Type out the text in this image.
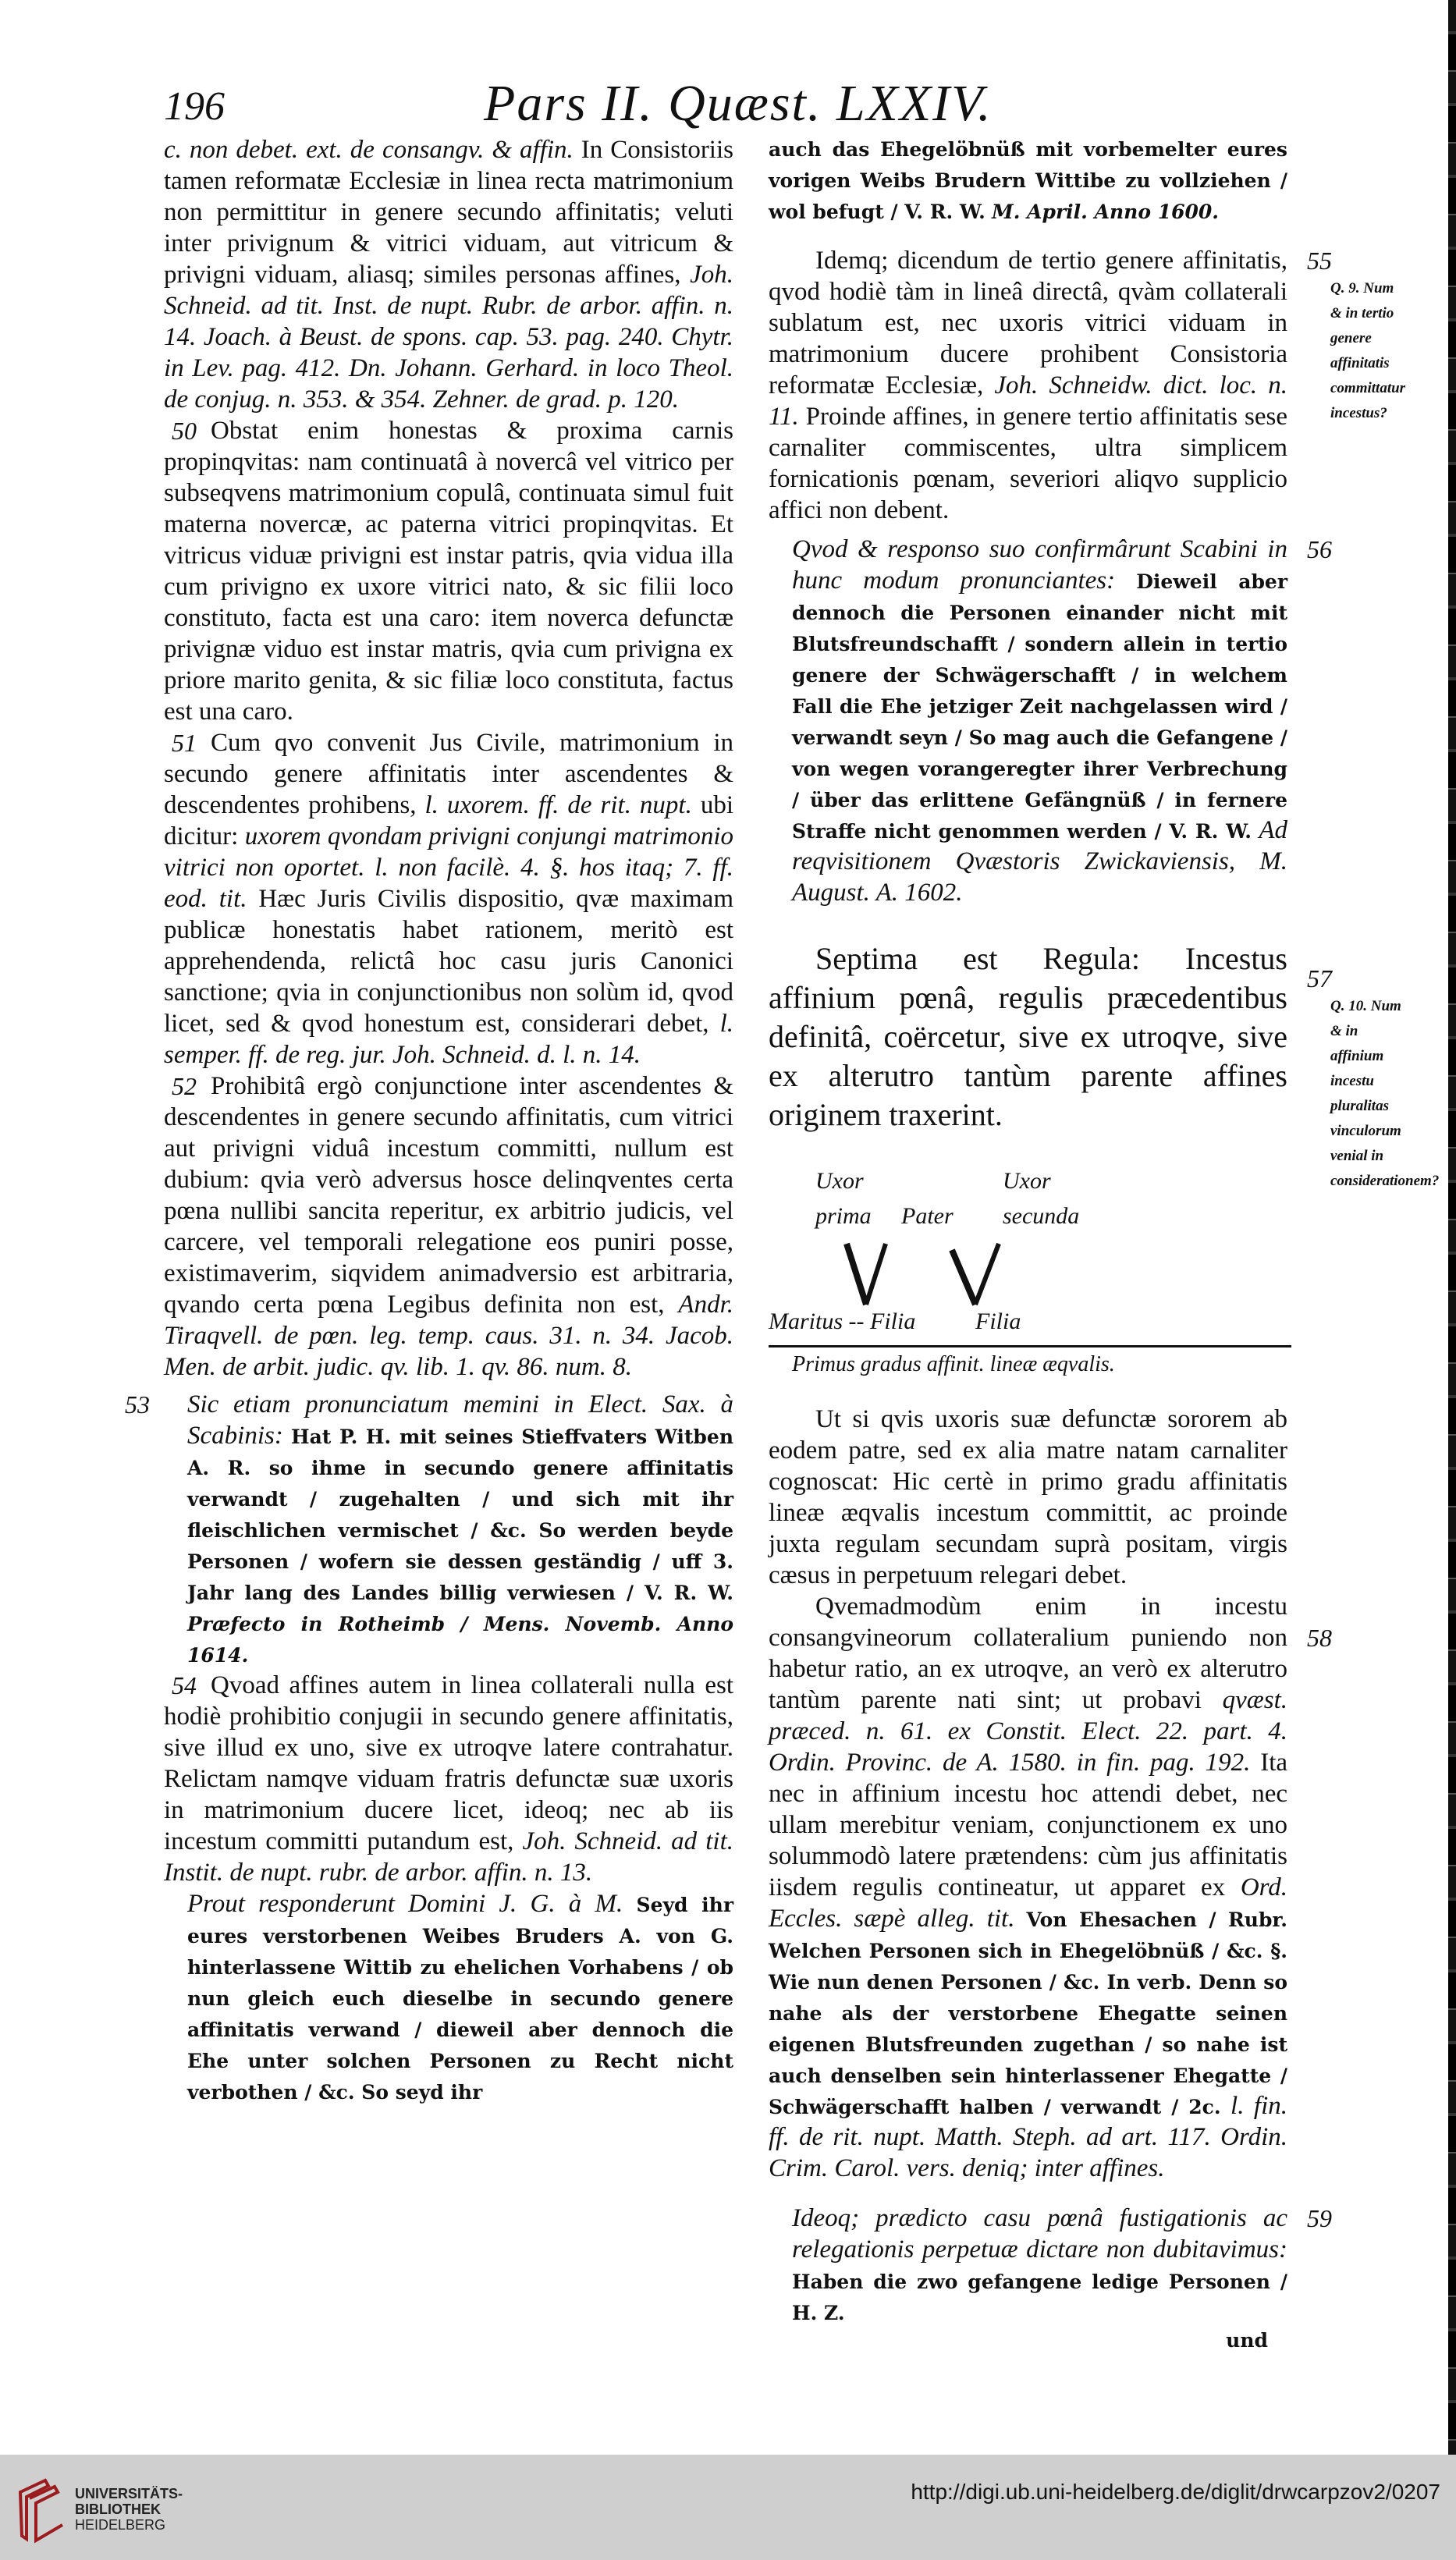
196	Pars II. Quæst. LXXIV.

c. non debet. ext. de consangv. & affin. In Consistoriis tamen reformatæ Ecclesiæ in linea recta matrimonium non permittitur in genere secundo affinitatis; veluti inter privignum & vitrici viduam, aut vitricum & privigni viduam, aliasq; similes personas affines, Joh. Schneid. ad tit. Inst. de nupt. Rubr. de arbor. affin. n. 14. Joach. à Beust. de spons. cap. 53. pag. 240. Chytr. in Lev. pag. 412. Dn. Johann. Gerhard. in loco Theol. de conjug. n. 353. & 354. Zehner. de grad. p. 120.

50 Obstat enim honestas & proxima carnis propinqvitas: nam continuatâ à novercâ vel vitrico per subseqvens matrimonium copulâ, continuata simul fuit materna novercæ, ac paterna vitrici propinqvitas. Et vitricus viduæ privigni est instar patris, qvia vidua illa cum privigno ex uxore vitrici nato, & sic filii loco constituto, facta est una caro: item noverca defunctæ privignæ viduo est instar matris, qvia cum privigna ex priore marito genita, & sic filiæ loco constituta, factus est una caro.

51 Cum qvo convenit Jus Civile, matrimonium in secundo genere affinitatis inter ascendentes & descendentes prohibens, l. uxorem. ff. de rit. nupt. ubi dicitur: uxorem qvondam privigni conjungi matrimonio vitrici non oportet. l. non facilè. 4. §. hos itaq; 7. ff. eod. tit. Hæc Juris Civilis dispositio, qvæ maximam publicæ honestatis habet rationem, meritò est apprehendenda, relictâ hoc casu juris Canonici sanctione; qvia in conjunctionibus non solùm id, qvod licet, sed & qvod honestum est, considerari debet, l. semper. ff. de reg. jur. Joh. Schneid. d. l. n. 14.

52 Prohibitâ ergò conjunctione inter ascendentes & descendentes in genere secundo affinitatis, cum vitrici aut privigni viduâ incestum committi, nullum est dubium: qvia verò adversus hosce delinqventes certa pœna nullibi sancita reperitur, ex arbitrio judicis, vel carcere, vel temporali relegatione eos puniri posse, existimaverim, siqvidem animadversio est arbitraria, qvando certa pœna Legibus definita non est, Andr. Tiraqvell. de pœn. leg. temp. caus. 31. n. 34. Jacob. Men. de arbit. judic. qv. lib. 1. qv. 86. num. 8.

53 Sic etiam pronunciatum memini in Elect. Sax. à Scabinis: Hat P. H. mit seines Stieffvaters Witben A. R. so ihme in secundo genere affinitatis verwandt / zugehalten / und sich mit ihr fleischlichen vermischet / &c. So werden beyde Personen / wofern sie dessen geständig / uff 3. Jahr lang des Landes billig verwiesen / V. R. W. Præfecto in Rotheimb / Mens. Novemb. Anno 1614.

54 Qvoad affines autem in linea collaterali nulla est hodiè prohibitio conjugii in secundo genere affinitatis, sive illud ex uno, sive ex utroqve latere contrahatur. Relictam namqve viduam fratris defunctæ suæ uxoris in matrimonium ducere licet, ideoq; nec ab iis incestum committi putandum est, Joh. Schneid. ad tit. Instit. de nupt. rubr. de arbor. affin. n. 13.

Prout responderunt Domini J. G. à M. Seyd ihr eures verstorbenen Weibes Bruders A. von G. hinterlassene Wittib zu ehelichen Vorhabens / ob nun gleich euch dieselbe in secundo genere affinitatis verwand / dieweil aber dennoch die Ehe unter solchen Personen zu Recht nicht verbothen / &c. So seyd ihr

auch das Ehegelöbnüß mit vorbemelter eures vorigen Weibs Brudern Wittibe zu vollziehen / wol befugt / V. R. W. M. April. Anno 1600.

Idemq; dicendum de tertio genere affinitatis, qvod hodiè tàm in lineâ directâ, qvàm collaterali sublatum est, nec uxoris vitrici viduam in matrimonium ducere prohibent Consistoria reformatæ Ecclesiæ, Joh. Schneidw. dict. loc. n. 11. Proinde affines, in genere tertio affinitatis sese carnaliter commiscentes, ultra simplicem fornicationis pœnam, severiori aliqvo supplicio affici non debent.

55
Q. 9. Num & in tertio genere affinitatis committatur incestus?

Qvod & responso suo confirmârunt Scabini in hunc modum pronunciantes: Dieweil aber dennoch die Personen einander nicht mit Blutsfreundschafft / sondern allein in tertio genere der Schwägerschafft / in welchem Fall die Ehe jetziger Zeit nachgelassen wird / verwandt seyn / So mag auch die Gefangene / von wegen vorangeregter ihrer Verbrechung / über das erlittene Gefängnüß / in fernere Straffe nicht genommen werden / V. R. W. Ad reqvisitionem Qvæstoris Zwickaviensis, M. August. A. 1602.

56

Septima est Regula: Incestus affinium pœnâ, regulis præcedentibus definitâ, coërcetur, sive ex utroqve, sive ex alterutro tantùm parente affines originem traxerint.

57
Q. 10. Num & in affinium incestu pluralitas vinculorum venial in considerationem?
Uxor
prima Pater
Uxor
secunda
Maritus -- Filia	Filia
Primus gradus affinit. lineæ æqvalis.

Ut si qvis uxoris suæ defunctæ sororem ab eodem patre, sed ex alia matre natam carnaliter cognoscat: Hic certè in primo gradu affinitatis lineæ æqvalis incestum committit, ac proinde juxta regulam secundam suprà positam, virgis cæsus in perpetuum relegari debet.

Qvemadmodùm enim in incestu consangvineorum collateralium puniendo non habetur ratio, an ex utroqve, an verò ex alterutro tantùm parente nati sint; ut probavi qvæst. præced. n. 61. ex Constit. Elect. 22. part. 4. Ordin. Provinc. de A. 1580. in fin. pag. 192. Ita nec in affinium incestu hoc attendi debet, nec ullam merebitur veniam, conjunctionem ex uno solummodò latere prætendens: cùm jus affinitatis iisdem regulis contineatur, ut apparet ex Ord. Eccles. sæpè alleg. tit. Von Ehesachen / Rubr. Welchen Personen sich in Ehegelöbnüß / &c. §. Wie nun denen Personen / &c. In verb. Denn so nahe als der verstorbene Ehegatte seinen eigenen Blutsfreunden zugethan / so nahe ist auch denselben sein hinterlassener Ehegatte / Schwägerschafft halben / verwandt / 2c. l. fin. ff. de rit. nupt. Matth. Steph. ad art. 117. Ordin. Crim. Carol. vers. deniq; inter affines.

58

Ideoq; prædicto casu pœnâ fustigationis ac relegationis perpetuæ dictare non dubitavimus: Haben die zwo gefangene ledige Personen / H. Z.

59
und
UNIVERSITÄTS-
BIBLIOTHEK
HEIDELBERG
http://digi.ub.uni-heidelberg.de/diglit/drwcarpzov2/0207
